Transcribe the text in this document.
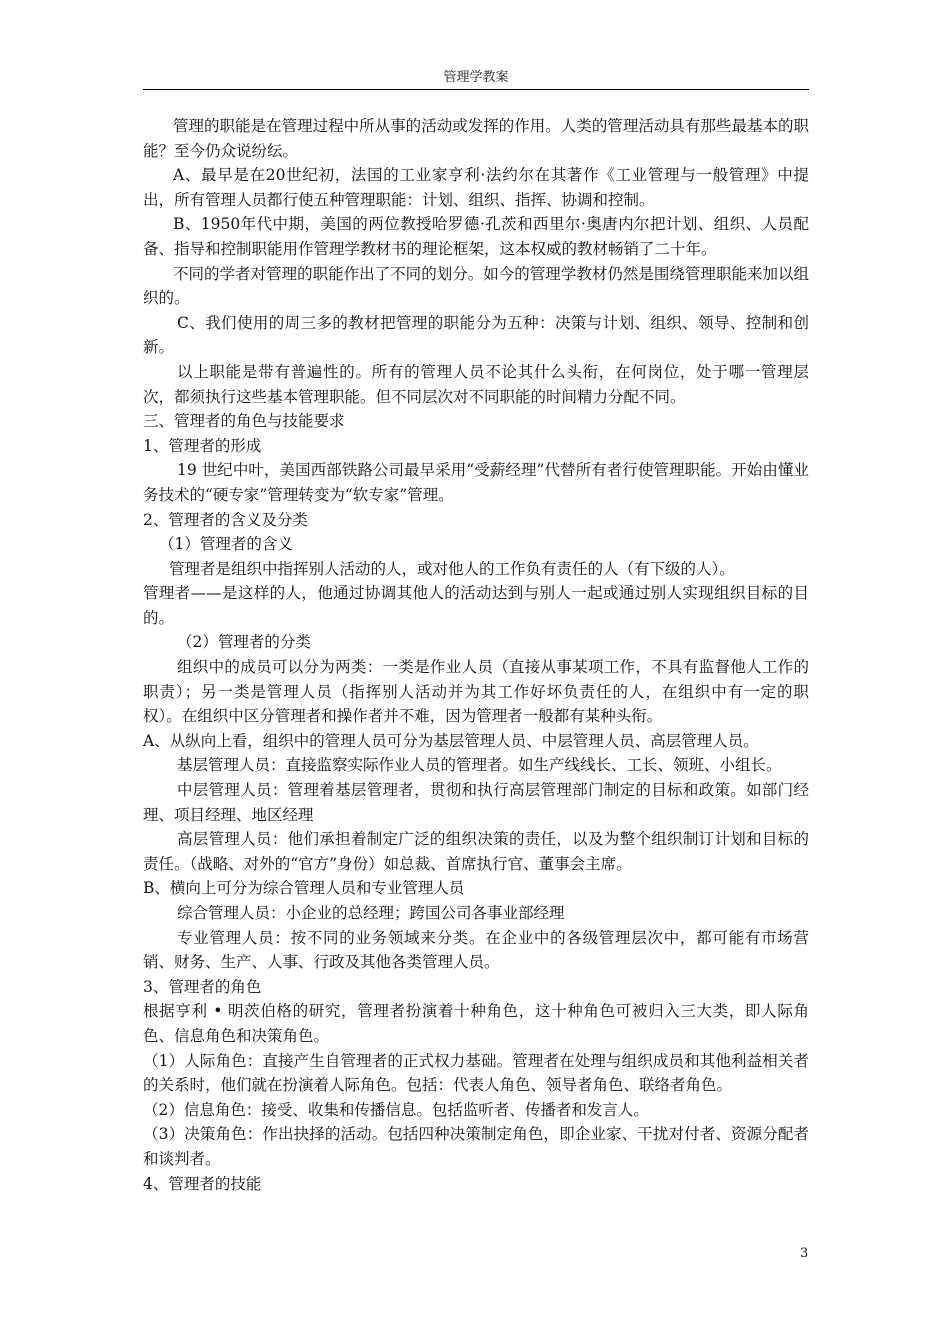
管理学教案

管理的职能是在管理过程中所从事的活动或发挥的作用。人类的管理活动具有那些最基本的职能？至今仍众说纷纭。

A、最早是在20世纪初，法国的工业家亨利·法约尔在其著作《工业管理与一般管理》中提出，所有管理人员都行使五种管理职能：计划、组织、指挥、协调和控制。

B、1950年代中期，美国的两位教授哈罗德·孔茨和西里尔·奥唐内尔把计划、组织、人员配备、指导和控制职能用作管理学教材书的理论框架，这本权威的教材畅销了二十年。

不同的学者对管理的职能作出了不同的划分。如今的管理学教材仍然是围绕管理职能来加以组织的。

C、我们使用的周三多的教材把管理的职能分为五种：决策与计划、组织、领导、控制和创新。

以上职能是带有普遍性的。所有的管理人员不论其什么头衔，在何岗位，处于哪一管理层次，都须执行这些基本管理职能。但不同层次对不同职能的时间精力分配不同。

三、管理者的角色与技能要求

1、管理者的形成

19 世纪中叶，美国西部铁路公司最早采用“受薪经理”代替所有者行使管理职能。开始由懂业务技术的“硬专家”管理转变为“软专家”管理。

2、管理者的含义及分类

（1）管理者的含义

管理者是组织中指挥别人活动的人，或对他人的工作负有责任的人（有下级的人）。

管理者——是这样的人，他通过协调其他人的活动达到与别人一起或通过别人实现组织目标的目的。

（2）管理者的分类

组织中的成员可以分为两类：一类是作业人员（直接从事某项工作，不具有监督他人工作的职责）；另一类是管理人员（指挥别人活动并为其工作好坏负责任的人，在组织中有一定的职权）。在组织中区分管理者和操作者并不难，因为管理者一般都有某种头衔。

A、从纵向上看，组织中的管理人员可分为基层管理人员、中层管理人员、高层管理人员。

基层管理人员：直接监察实际作业人员的管理者。如生产线线长、工长、领班、小组长。

中层管理人员：管理着基层管理者，贯彻和执行高层管理部门制定的目标和政策。如部门经理、项目经理、地区经理

高层管理人员：他们承担着制定广泛的组织决策的责任，以及为整个组织制订计划和目标的责任。（战略、对外的“官方”身份）如总裁、首席执行官、董事会主席。

B、横向上可分为综合管理人员和专业管理人员

综合管理人员：小企业的总经理；跨国公司各事业部经理

专业管理人员：按不同的业务领域来分类。在企业中的各级管理层次中，都可能有市场营销、财务、生产、人事、行政及其他各类管理人员。

3、管理者的角色

根据亨利 • 明茨伯格的研究，管理者扮演着十种角色，这十种角色可被归入三大类，即人际角色、信息角色和决策角色。

（1）人际角色：直接产生自管理者的正式权力基础。管理者在处理与组织成员和其他利益相关者的关系时，他们就在扮演着人际角色。包括：代表人角色、领导者角色、联络者角色。

（2）信息角色：接受、收集和传播信息。包括监听者、传播者和发言人。

（3）决策角色：作出抉择的活动。包括四种决策制定角色，即企业家、干扰对付者、资源分配者和谈判者。

4、管理者的技能

3
